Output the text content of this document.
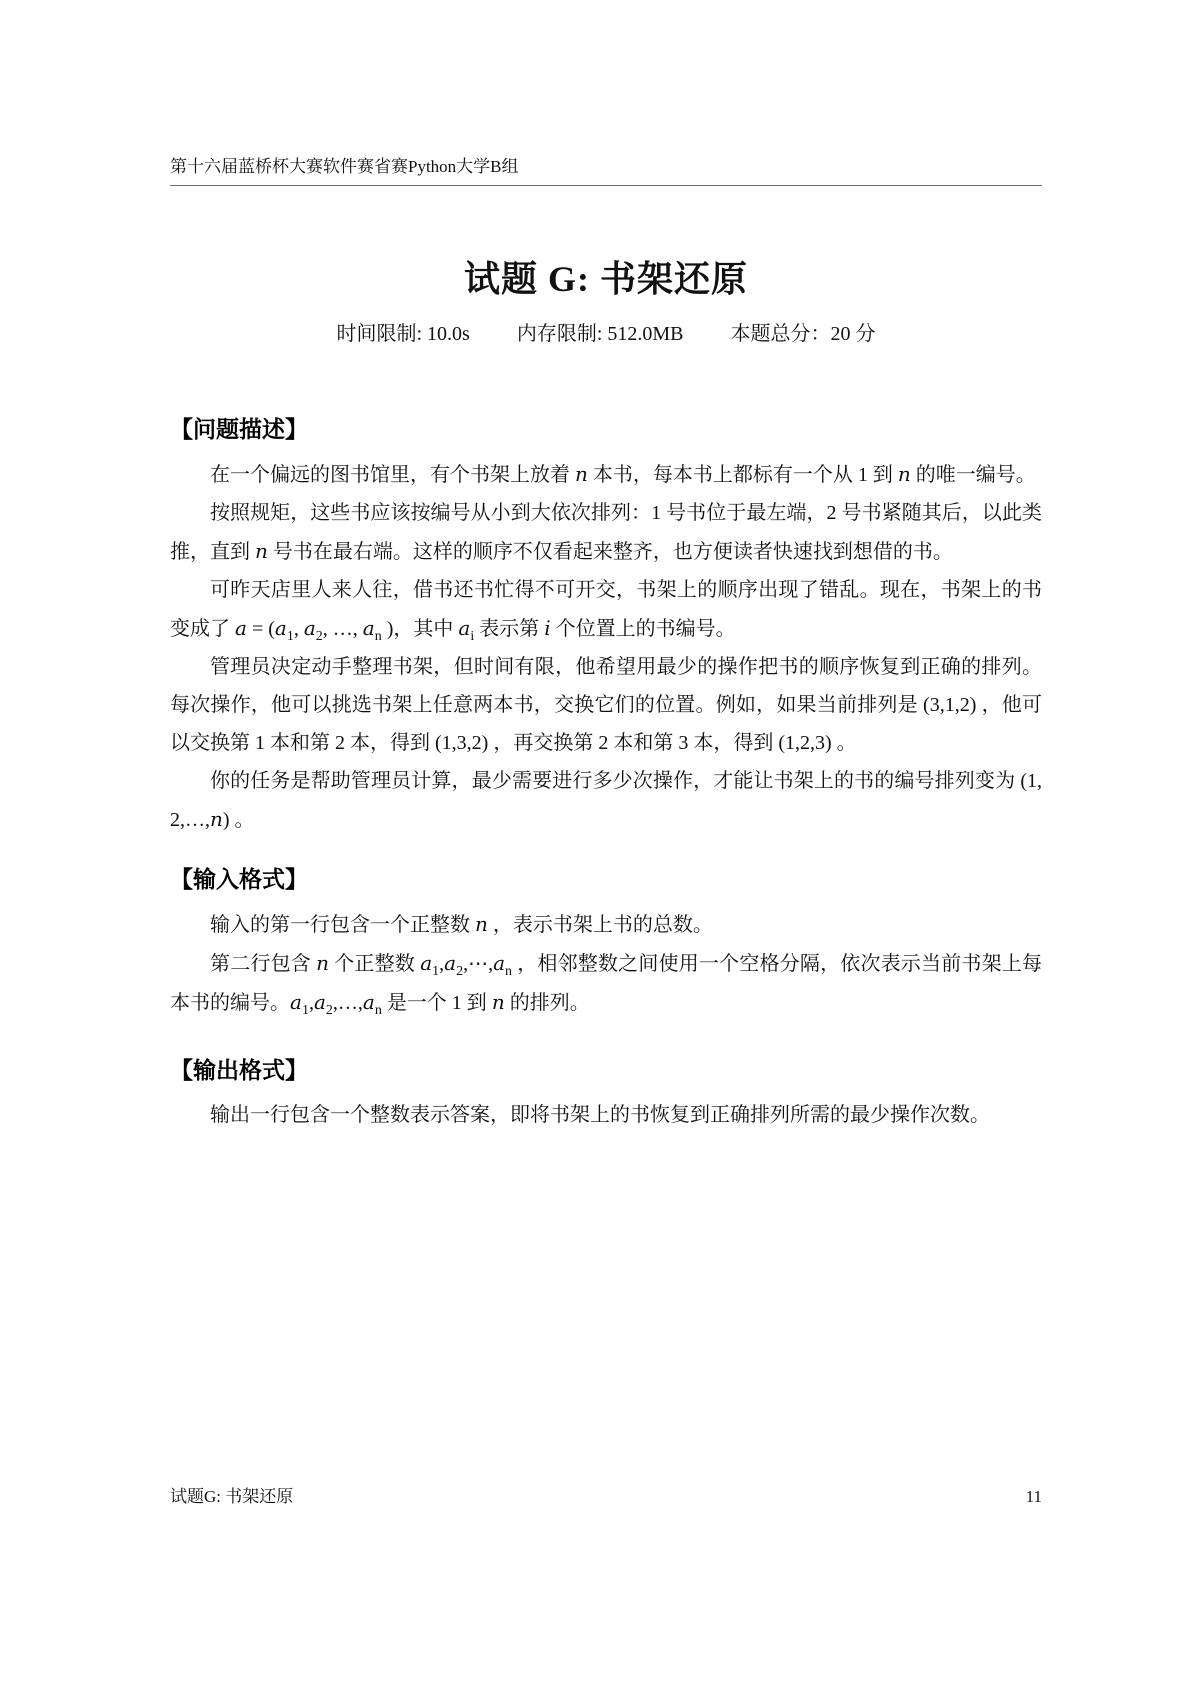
第十六届蓝桥杯大赛软件赛省赛Python大学B组
试题 G: 书架还原
时间限制: 10.0s 内存限制: 512.0MB 本题总分：20 分
【问题描述】

在一个偏远的图书馆里，有个书架上放着 n 本书，每本书上都标有一个从 1 到 n 的唯一编号。

按照规矩，这些书应该按编号从小到大依次排列：1 号书位于最左端，2 号书紧随其后，以此类推，直到 n 号书在最右端。这样的顺序不仅看起来整齐，也方便读者快速找到想借的书。

可昨天店里人来人往，借书还书忙得不可开交，书架上的顺序出现了错乱。现在，书架上的书变成了 $a = (a_1$, $a_2$, …, $a_n$ )，其中 $a_i$ 表示第 i 个位置上的书编号。

管理员决定动手整理书架，但时间有限，他希望用最少的操作把书的顺序恢复到正确的排列。每次操作，他可以挑选书架上任意两本书，交换它们的位置。例如，如果当前排列是 (3,1,2) ，他可以交换第 1 本和第 2 本，得到 (1,3,2) ，再交换第 2 本和第 3 本，得到 (1,2,3) 。

你的任务是帮助管理员计算，最少需要进行多少次操作，才能让书架上的书的编号排列变为 (1,2,…,n) 。

【输入格式】

输入的第一行包含一个正整数 n ，表示书架上书的总数。

第二行包含 n 个正整数 $a_1,a_2,\cdots,a_n$ ，相邻整数之间使用一个空格分隔，依次表示当前书架上每本书的编号。$a_1,a_2,\dots,a_n$ 是一个 1 到 n 的排列。

【输出格式】

输出一行包含一个整数表示答案，即将书架上的书恢复到正确排列所需的最少操作次数。

试题G: 书架还原	11
